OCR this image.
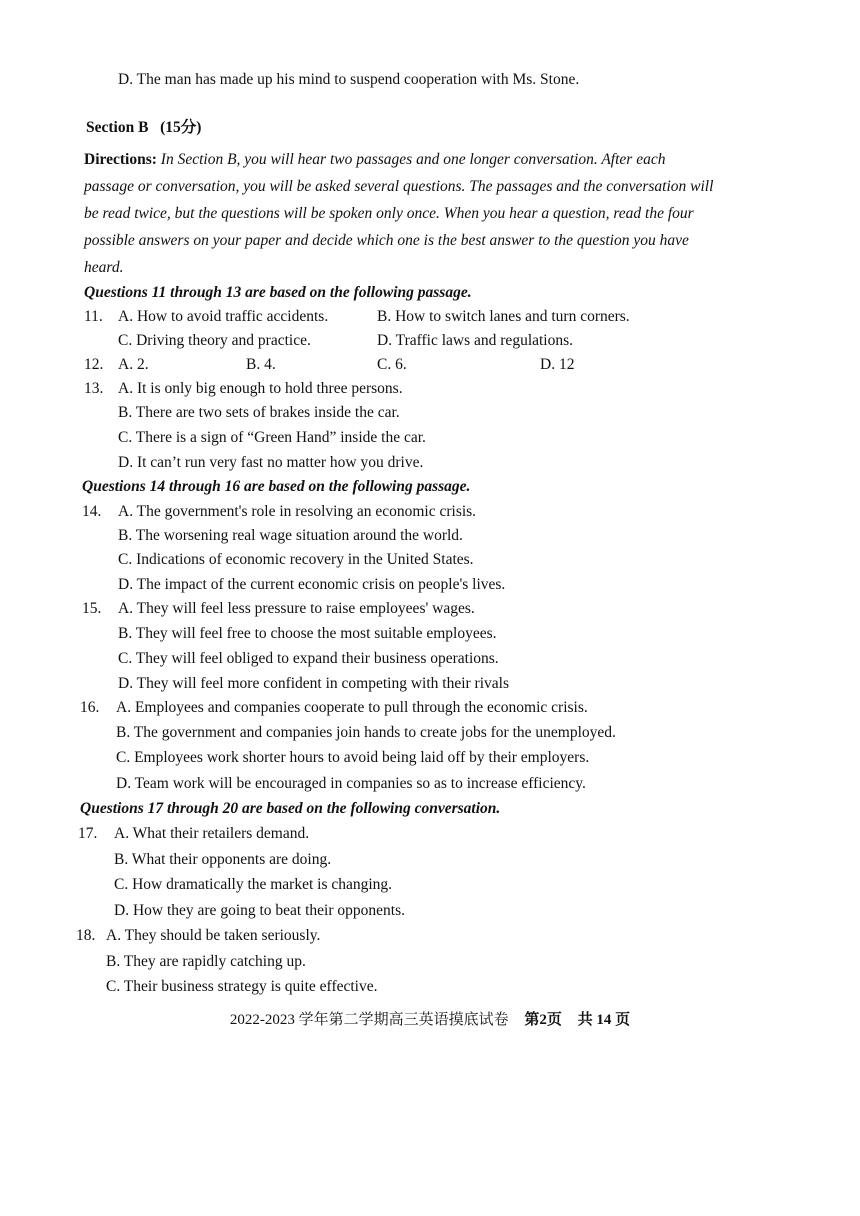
D. The man has made up his mind to suspend cooperation with Ms. Stone.
Section B (15分)
Directions: In Section B, you will hear two passages and one longer conversation. After each passage or conversation, you will be asked several questions. The passages and the conversation will be read twice, but the questions will be spoken only once. When you hear a question, read the four possible answers on your paper and decide which one is the best answer to the question you have heard.
Questions 11 through 13 are based on the following passage.
11. A. How to avoid traffic accidents.	B. How to switch lanes and turn corners.
C. Driving theory and practice.	D. Traffic laws and regulations.
12. A. 2.	B. 4.	C. 6.	D. 12
13. A. It is only big enough to hold three persons.
B. There are two sets of brakes inside the car.
C. There is a sign of “Green Hand” inside the car.
D. It can’t run very fast no matter how you drive.
Questions 14 through 16 are based on the following passage.
14. A. The government's role in resolving an economic crisis.
B. The worsening real wage situation around the world.
C. Indications of economic recovery in the United States.
D. The impact of the current economic crisis on people's lives.
15. A. They will feel less pressure to raise employees' wages.
B. They will feel free to choose the most suitable employees.
C. They will feel obliged to expand their business operations.
D. They will feel more confident in competing with their rivals
16. A. Employees and companies cooperate to pull through the economic crisis.
B. The government and companies join hands to create jobs for the unemployed.
C. Employees work shorter hours to avoid being laid off by their employers.
D. Team work will be encouraged in companies so as to increase efficiency.
Questions 17 through 20 are based on the following conversation.
17. A. What their retailers demand.
B. What their opponents are doing.
C. How dramatically the market is changing.
D. How they are going to beat their opponents.
18. A. They should be taken seriously.
B. They are rapidly catching up.
C. Their business strategy is quite effective.
2022-2023 学年第二学期高三英语摸底试卷 第2页 共 14 页
